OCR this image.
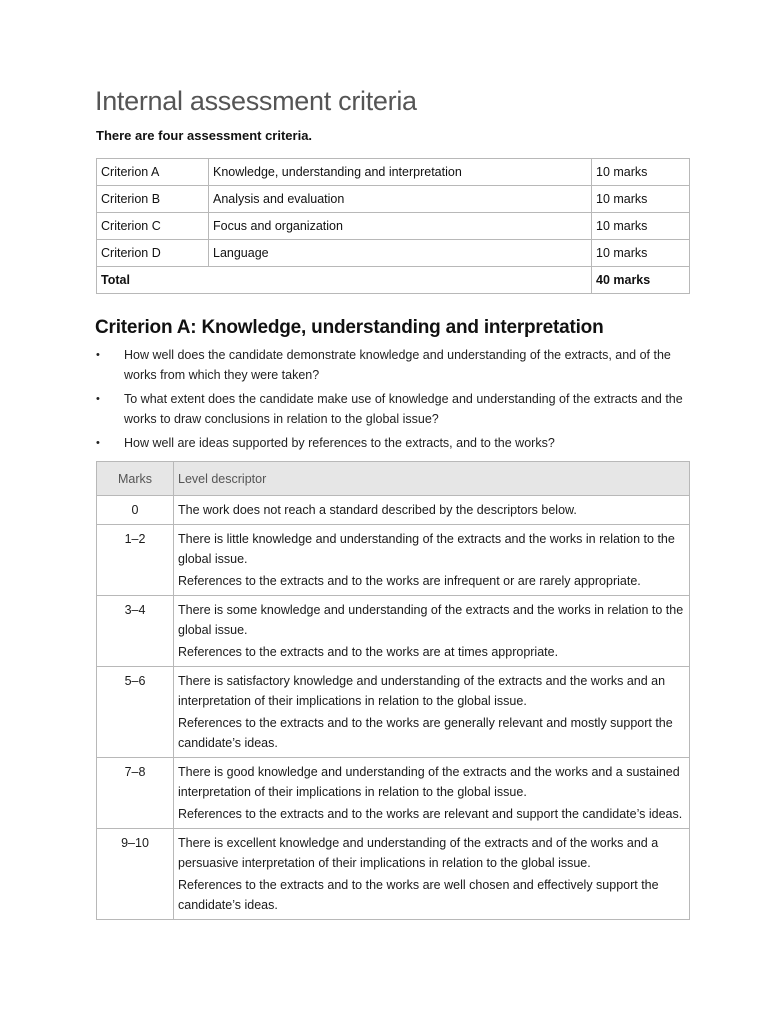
Internal assessment criteria

There are four assessment criteria.

Criterion A	Knowledge, understanding and interpretation	10 marks
Criterion B	Analysis and evaluation	10 marks
Criterion C	Focus and organization	10 marks
Criterion D	Language	10 marks
Total		40 marks
Criterion A: Knowledge, understanding and interpretation
• How well does the candidate demonstrate knowledge and understanding of the extracts, and of the works from which they were taken?
• To what extent does the candidate make use of knowledge and understanding of the extracts and the works to draw conclusions in relation to the global issue?
• How well are ideas supported by references to the extracts, and to the works?
Marks	Level descriptor
0	The work does not reach a standard described by the descriptors below.

1–2	There is little knowledge and understanding of the extracts and the works in relation to the global issue.

References to the extracts and to the works are infrequent or are rarely appropriate.

3–4	There is some knowledge and understanding of the extracts and the works in relation to the global issue.

References to the extracts and to the works are at times appropriate.

5–6	There is satisfactory knowledge and understanding of the extracts and the works and an interpretation of their implications in relation to the global issue.

References to the extracts and to the works are generally relevant and mostly support the candidate’s ideas.

7–8	There is good knowledge and understanding of the extracts and the works and a sustained interpretation of their implications in relation to the global issue.

References to the extracts and to the works are relevant and support the candidate’s ideas.

9–10	There is excellent knowledge and understanding of the extracts and of the works and a persuasive interpretation of their implications in relation to the global issue.

References to the extracts and to the works are well chosen and effectively support the candidate’s ideas.
